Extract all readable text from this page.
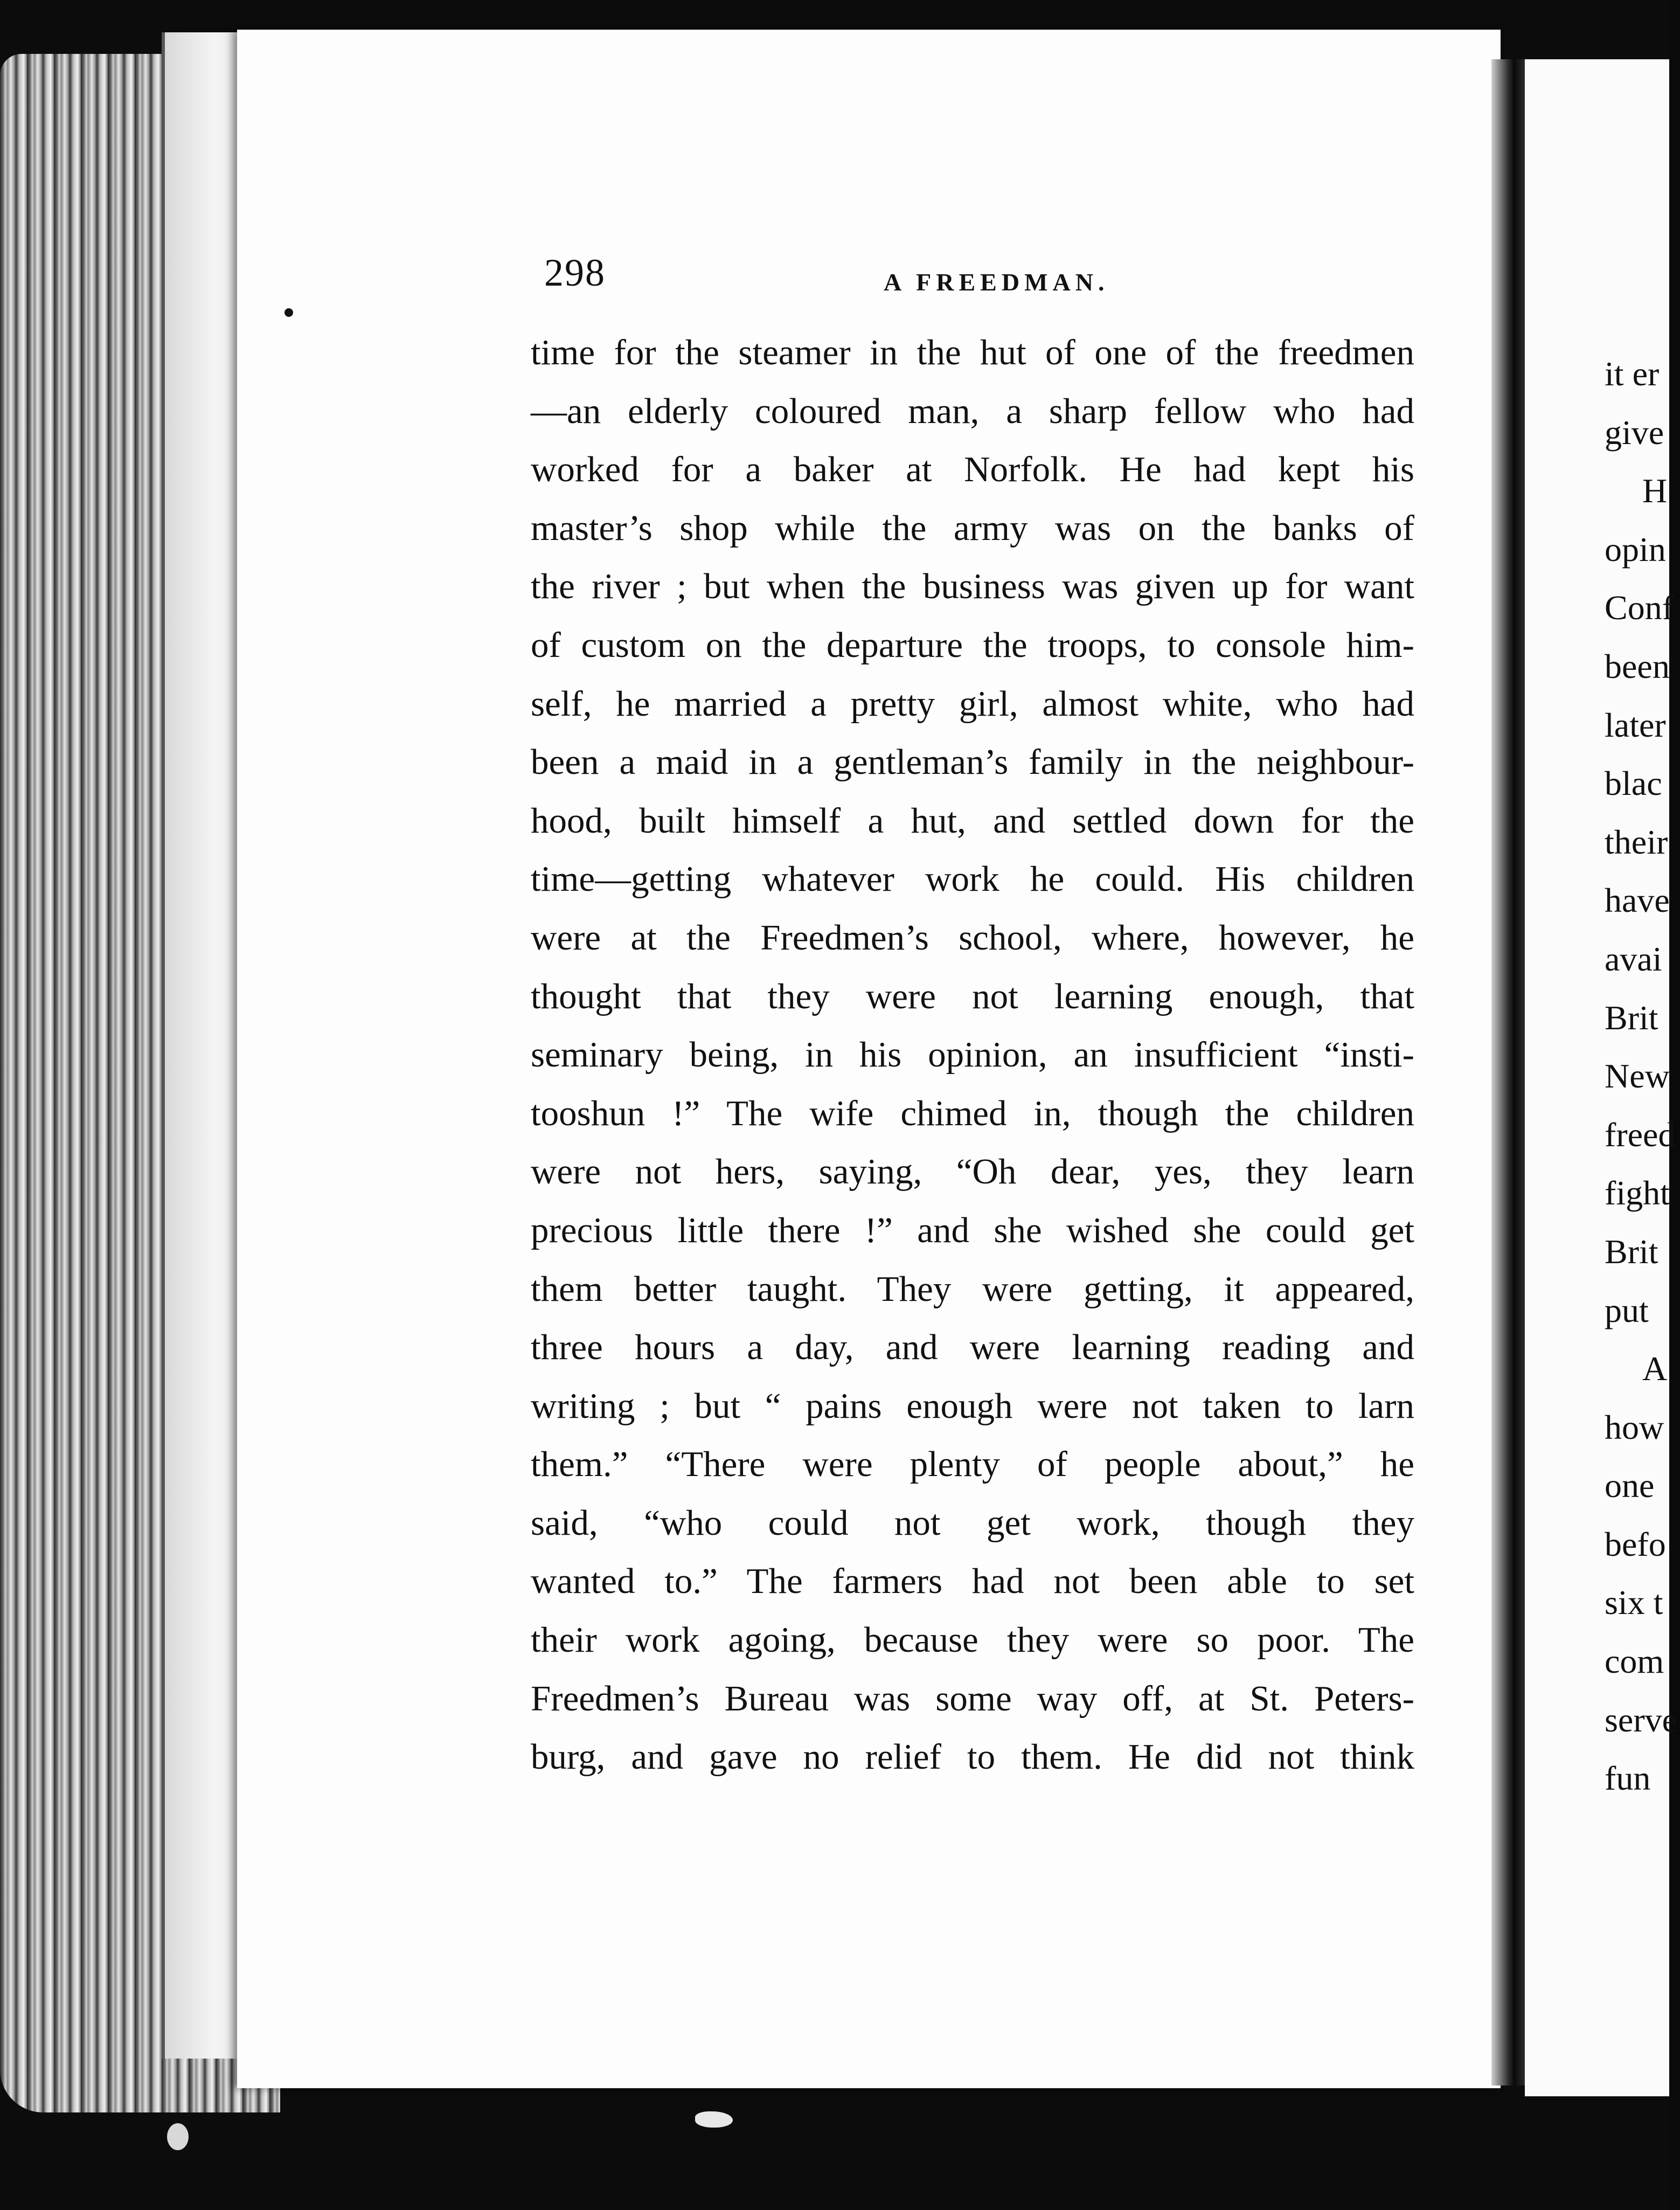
298	A FREEDMAN.
time for the steamer in the hut of one of the freedmen
—an elderly coloured man, a sharp fellow who had
worked for a baker at Norfolk. He had kept his
master’s shop while the army was on the banks of
the river ; but when the business was given up for want
of custom on the departure the troops, to console him-
self, he married a pretty girl, almost white, who had
been a maid in a gentleman’s family in the neighbour-
hood, built himself a hut, and settled down for the
time—getting whatever work he could. His children
were at the Freedmen’s school, where, however, he
thought that they were not learning enough, that
seminary being, in his opinion, an insufficient “insti-
tooshun !” The wife chimed in, though the children
were not hers, saying, “Oh dear, yes, they learn
precious little there !” and she wished she could get
them better taught. They were getting, it appeared,
three hours a day, and were learning reading and
writing ; but “ pains enough were not taken to larn
them.” “There were plenty of people about,” he
said, “who could not get work, though they
wanted to.” The farmers had not been able to set
their work agoing, because they were so poor. The
Freedmen’s Bureau was some way off, at St. Peters-
burg, and gave no relief to them. He did not think
it er
give
H
opin
Conf
been
later
blac
their
have
avai
Brit
New
freed
fight
Brit
put
A
how
one
befo
six t
com
serve
fun
